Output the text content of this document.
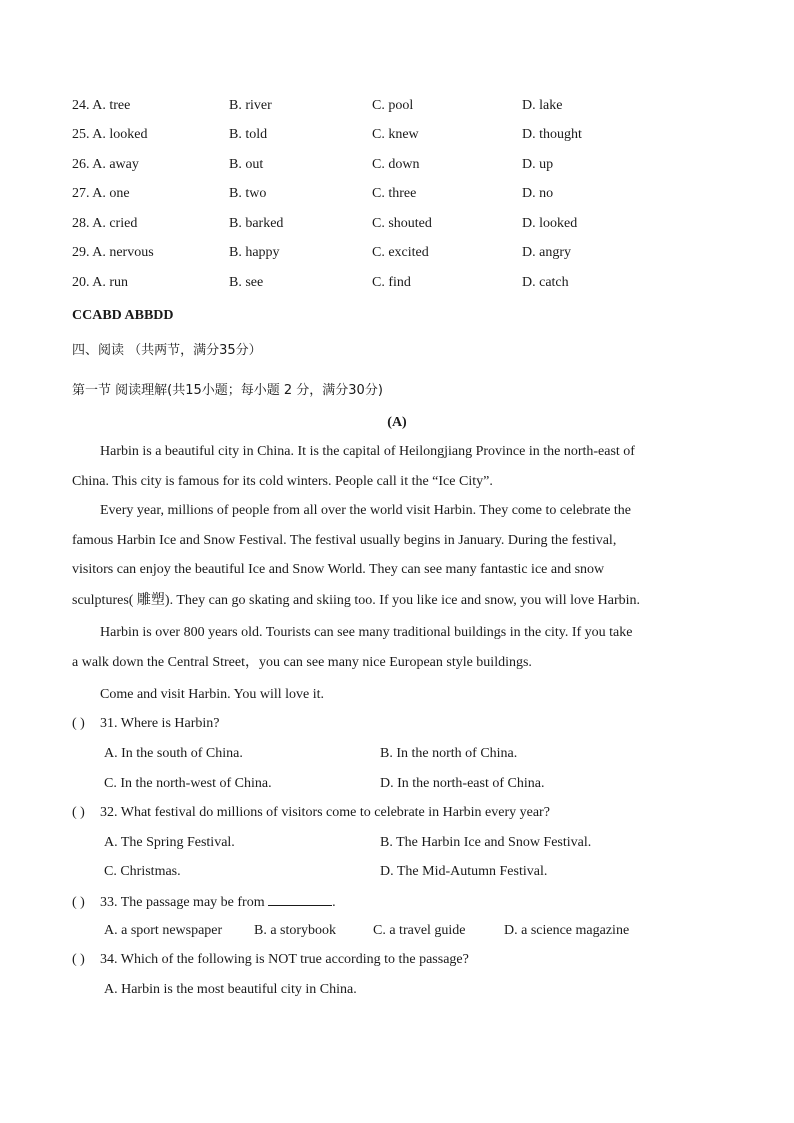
24. A. tree	B. river	C. pool	D. lake
25. A. looked	B. told	C. knew	D. thought
26. A. away	B. out	C. down	D. up
27. A. one	B. two	C. three	D. no
28. A. cried	B. barked	C. shouted	D. looked
29. A. nervous	B. happy	C. excited	D. angry
20. A. run	B. see	C. find	D. catch
CCABD ABBDD
四、阅读 （共两节，满分35分）
第一节 阅读理解(共15小题；每小题 2 分，满分30分)
(A)
Harbin is a beautiful city in China. It is the capital of Heilongjiang Province in the north-east of
China. This city is famous for its cold winters. People call it the “Ice City”.
Every year, millions of people from all over the world visit Harbin. They come to celebrate the
famous Harbin Ice and Snow Festival. The festival usually begins in January. During the festival,
visitors can enjoy the beautiful Ice and Snow World. They can see many fantastic ice and snow
sculptures( 雕塑). They can go skating and skiing too. If you like ice and snow, you will love Harbin.
Harbin is over 800 years old. Tourists can see many traditional buildings in the city. If you take
a walk down the Central Street，you can see many nice European style buildings.
Come and visit Harbin. You will love it.
( ) 31. Where is Harbin?
A. In the south of China.	B. In the north of China.
C. In the north-west of China.	D. In the north-east of China.
( ) 32. What festival do millions of visitors come to celebrate in Harbin every year?
A. The Spring Festival.	B. The Harbin Ice and Snow Festival.
C. Christmas.	D. The Mid-Autumn Festival.
( ) 33. The passage may be from	.
A. a sport newspaper B. a storybook	C. a travel guide	D. a science magazine
( ) 34. Which of the following is NOT true according to the passage?
A. Harbin is the most beautiful city in China.
